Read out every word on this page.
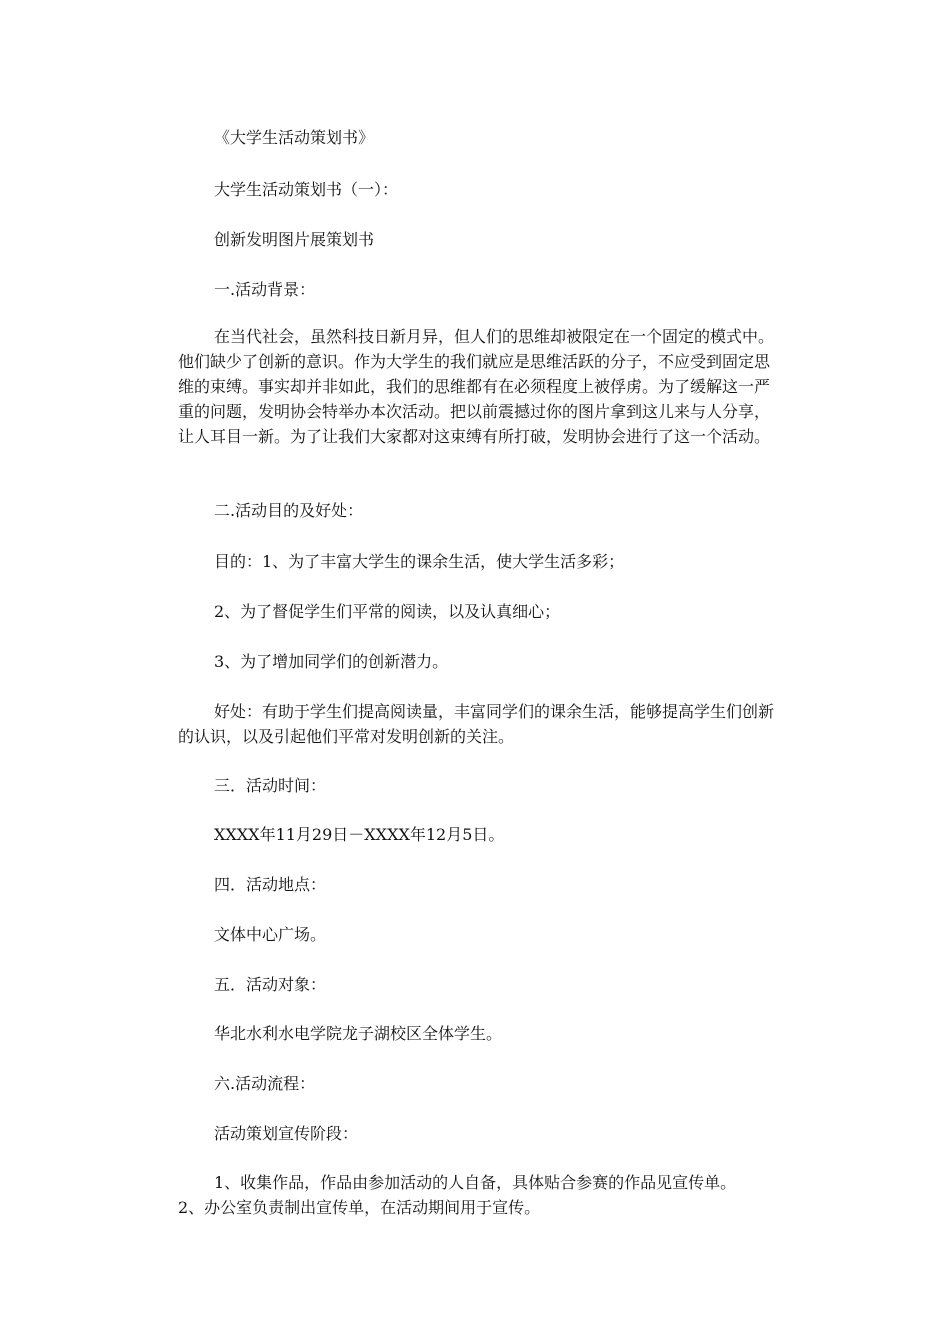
《大学生活动策划书》

大学生活动策划书（一）：

创新发明图片展策划书

一.活动背景：

在当代社会，虽然科技日新月异，但人们的思维却被限定在一个固定的模式中。他们缺少了创新的意识。作为大学生的我们就应是思维活跃的分子，不应受到固定思维的束缚。事实却并非如此，我们的思维都有在必须程度上被俘虏。为了缓解这一严重的问题，发明协会特举办本次活动。把以前震撼过你的图片拿到这儿来与人分享，让人耳目一新。为了让我们大家都对这束缚有所打破，发明协会进行了这一个活动。

二.活动目的及好处：

目的：1、为了丰富大学生的课余生活，使大学生活多彩；

2、为了督促学生们平常的阅读，以及认真细心；

3、为了增加同学们的创新潜力。

好处：有助于学生们提高阅读量，丰富同学们的课余生活，能够提高学生们创新的认识，以及引起他们平常对发明创新的关注。

三．活动时间：

XXXX年11月29日－XXXX年12月5日。

四．活动地点：

文体中心广场。

五．活动对象：

华北水利水电学院龙子湖校区全体学生。

六.活动流程：

活动策划宣传阶段：

1、收集作品，作品由参加活动的人自备，具体贴合参赛的作品见宣传单。

2、办公室负责制出宣传单，在活动期间用于宣传。
